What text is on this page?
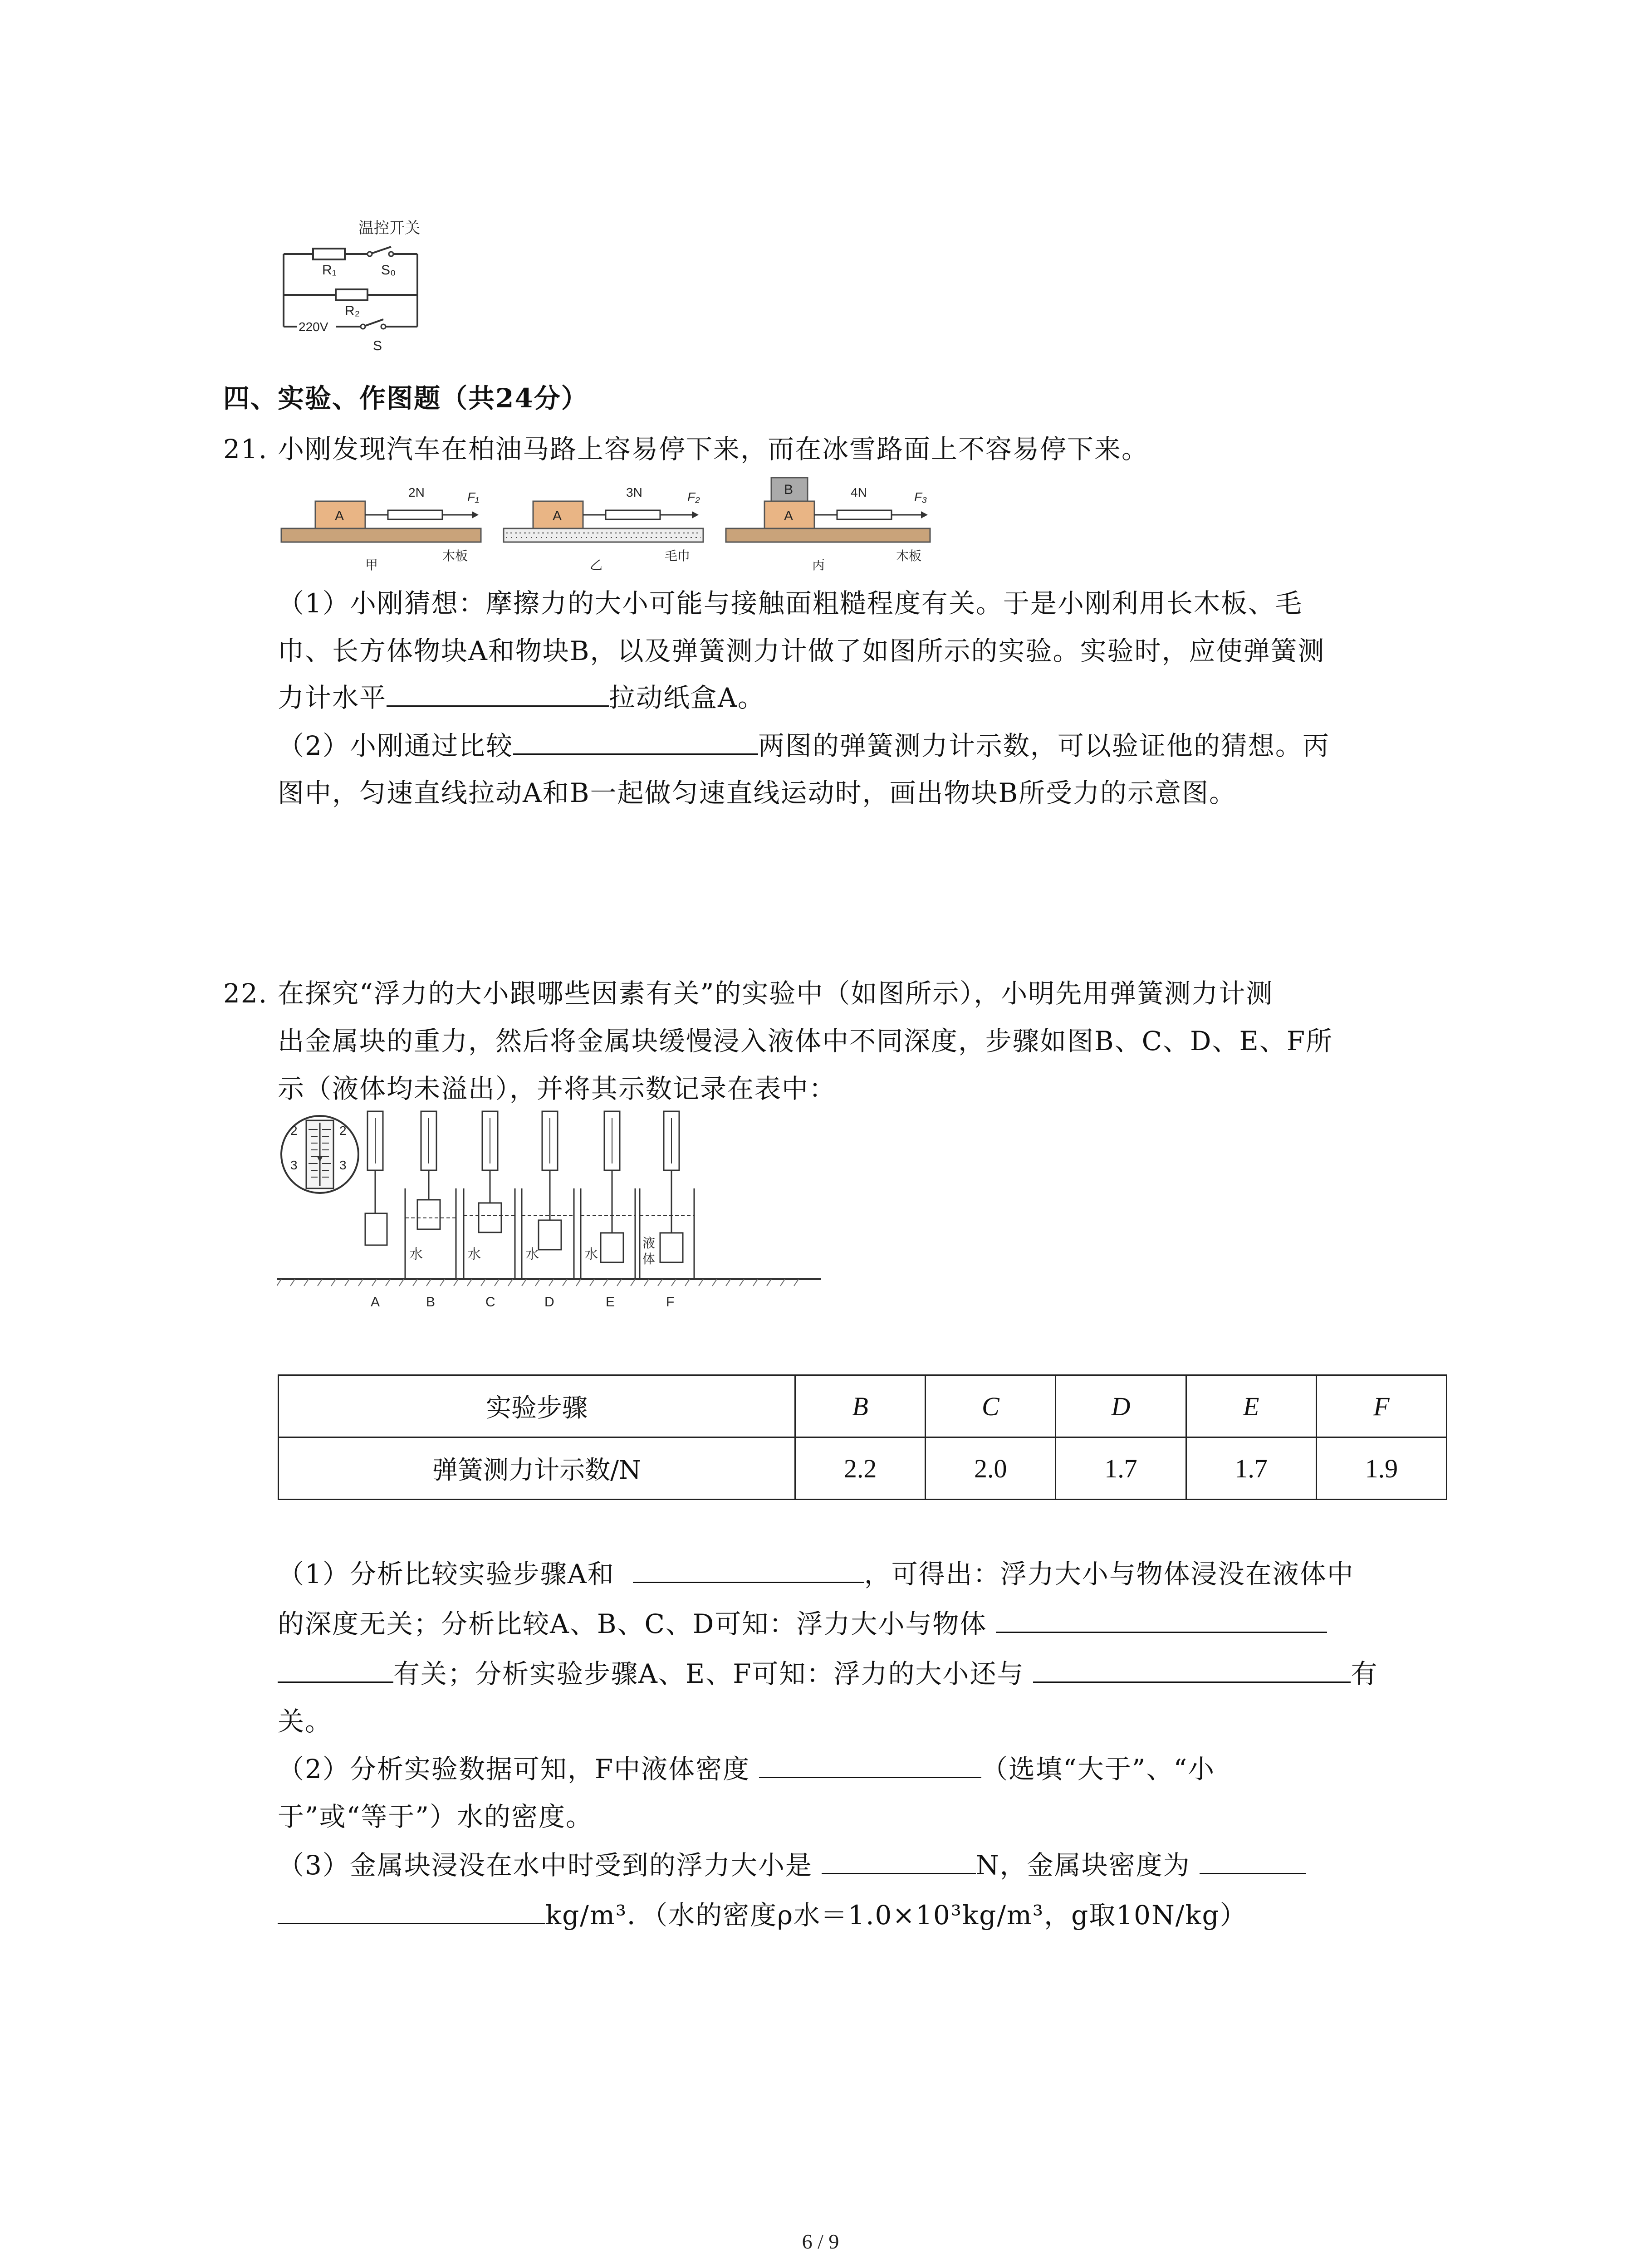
温控开关
R₁	S₀
R₂
220V
S
四、实验、作图题（共24分）
21. 小刚发现汽车在柏油马路上容易停下来，而在冰雪路面上不容易停下来。
A
2N	F₁
木板
甲
A
3N	F₂
毛巾
乙
B
A
4N	F₃
木板
丙
（1）小刚猜想：摩擦力的大小可能与接触面粗糙程度有关。于是小刚利用长木板、毛
巾、长方体物块A和物块B，以及弹簧测力计做了如图所示的实验。实验时，应使弹簧测
力计水平	拉动纸盒A。
（2）小刚通过比较	两图的弹簧测力计示数，可以验证他的猜想。丙
图中，匀速直线拉动A和B一起做匀速直线运动时，画出物块B所受力的示意图。
22. 在探究“浮力的大小跟哪些因素有关”的实验中（如图所示），小明先用弹簧测力计测
出金属块的重力，然后将金属块缓慢浸入液体中不同深度，步骤如图B、C、D、E、F所
示（液体均未溢出），并将其示数记录在表中：
2	2
3	3
水	水	水	水
液
体
A	B	C	D	E	F
实验步骤	B	C	D	E	F
弹簧测力计示数/N	2.2	2.0	1.7	1.7	1.9
（1）分析比较实验步骤A和	，可得出：浮力大小与物体浸没在液体中
的深度无关；分析比较A、B、C、D可知：浮力大小与物体
有关；分析实验步骤A、E、F可知：浮力的大小还与	有
关。
（2）分析实验数据可知，F中液体密度	（选填“大于”、“小
于”或“等于”）水的密度。
（3）金属块浸没在水中时受到的浮力大小是	N，金属块密度为
kg/m³．（水的密度ρ水＝1.0×10³kg/m³，g取10N/kg）
6 / 9
